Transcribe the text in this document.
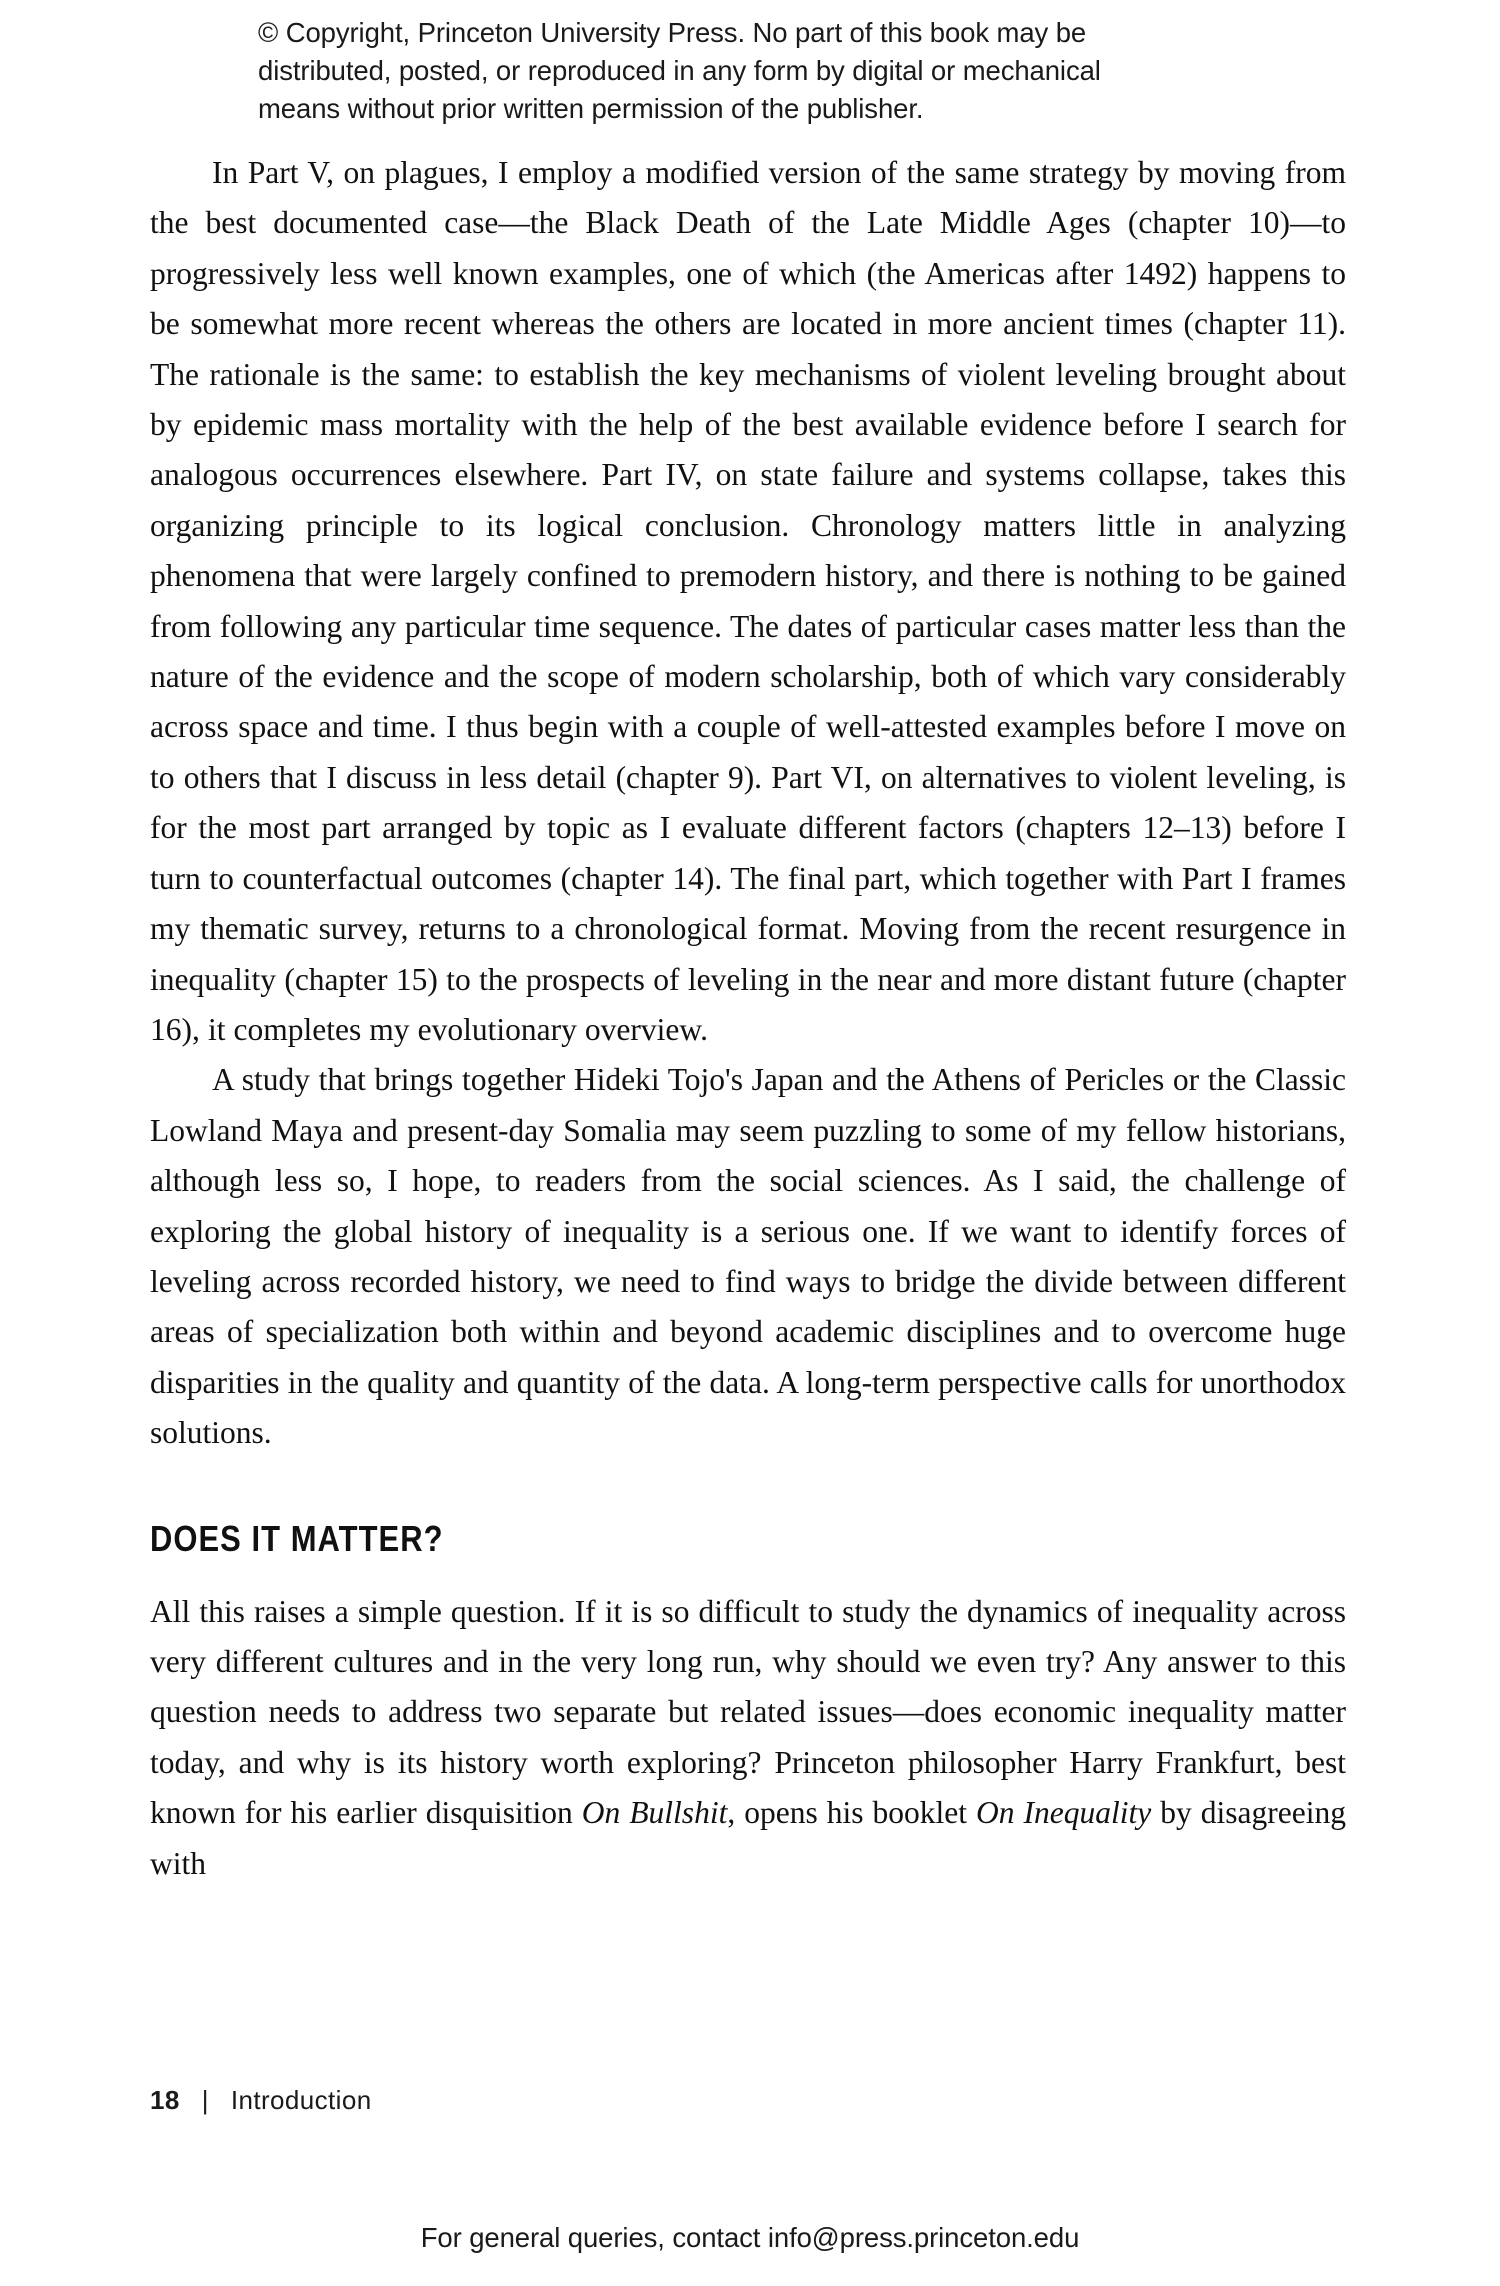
© Copyright, Princeton University Press. No part of this book may be
distributed, posted, or reproduced in any form by digital or mechanical
means without prior written permission of the publisher.

In Part V, on plagues, I employ a modified version of the same strategy by moving from the best documented case—the Black Death of the Late Middle Ages (chapter 10)—to progressively less well known examples, one of which (the Americas after 1492) happens to be somewhat more recent whereas the others are located in more ancient times (chapter 11). The rationale is the same: to establish the key mechanisms of violent leveling brought about by epidemic mass mortality with the help of the best available evidence before I search for analogous occurrences elsewhere. Part IV, on state failure and systems collapse, takes this organizing principle to its logical conclusion. Chronology matters little in analyzing phenomena that were largely confined to premodern history, and there is nothing to be gained from following any particular time sequence. The dates of particular cases matter less than the nature of the evidence and the scope of modern scholarship, both of which vary considerably across space and time. I thus begin with a couple of well-attested examples before I move on to others that I discuss in less detail (chapter 9). Part VI, on alternatives to violent leveling, is for the most part arranged by topic as I evaluate different factors (chapters 12–13) before I turn to counterfactual outcomes (chapter 14). The final part, which together with Part I frames my thematic survey, returns to a chronological format. Moving from the recent resurgence in inequality (chapter 15) to the prospects of leveling in the near and more distant future (chapter 16), it completes my evolutionary overview.

A study that brings together Hideki Tojo's Japan and the Athens of Pericles or the Classic Lowland Maya and present-day Somalia may seem puzzling to some of my fellow historians, although less so, I hope, to readers from the social sciences. As I said, the challenge of exploring the global history of inequality is a serious one. If we want to identify forces of leveling across recorded history, we need to find ways to bridge the divide between different areas of specialization both within and beyond academic disciplines and to overcome huge disparities in the quality and quantity of the data. A long-term perspective calls for unorthodox solutions.

DOES IT MATTER?

All this raises a simple question. If it is so difficult to study the dynamics of inequality across very different cultures and in the very long run, why should we even try? Any answer to this question needs to address two separate but related issues—does economic inequality matter today, and why is its history worth exploring? Princeton philosopher Harry Frankfurt, best known for his earlier disquisition On Bullshit, opens his booklet On Inequality by disagreeing with

18 | Introduction
For general queries, contact info@press.princeton.edu
